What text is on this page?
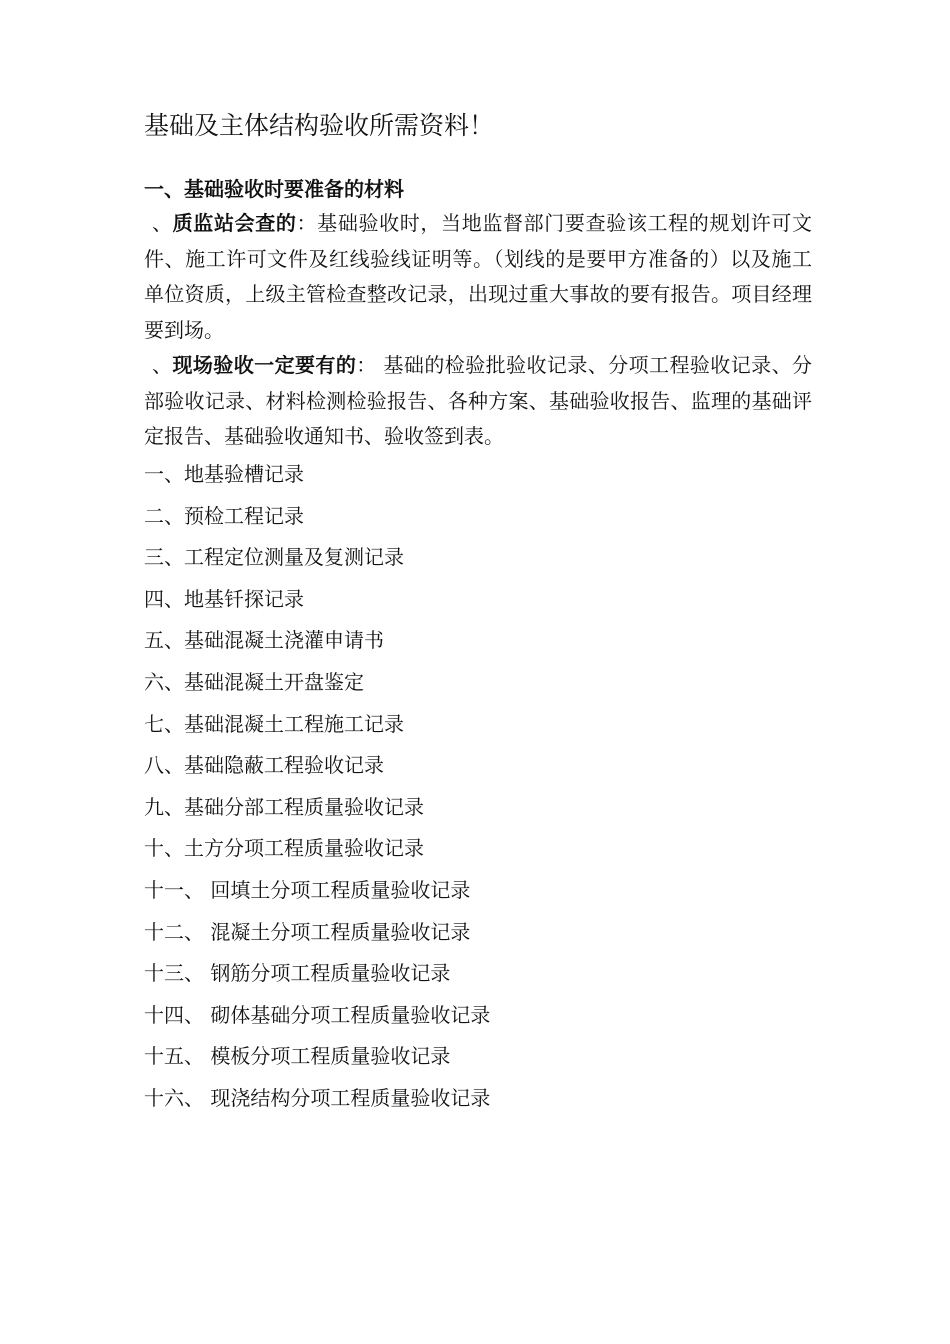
基础及主体结构验收所需资料！
一、基础验收时要准备的材料

、质监站会查的：基础验收时，当地监督部门要查验该工程的规划许可文件、施工许可文件及红线验线证明等。（划线的是要甲方准备的）以及施工单位资质，上级主管检查整改记录，出现过重大事故的要有报告。项目经理要到场。

、现场验收一定要有的： 基础的检验批验收记录、分项工程验收记录、分部验收记录、材料检测检验报告、各种方案、基础验收报告、监理的基础评定报告、基础验收通知书、验收签到表。

一、地基验槽记录
二、预检工程记录
三、工程定位测量及复测记录
四、地基钎探记录
五、基础混凝土浇灌申请书
六、基础混凝土开盘鉴定
七、基础混凝土工程施工记录
八、基础隐蔽工程验收记录
九、基础分部工程质量验收记录
十、土方分项工程质量验收记录
十一、 回填土分项工程质量验收记录
十二、 混凝土分项工程质量验收记录
十三、 钢筋分项工程质量验收记录
十四、 砌体基础分项工程质量验收记录
十五、 模板分项工程质量验收记录
十六、 现浇结构分项工程质量验收记录
